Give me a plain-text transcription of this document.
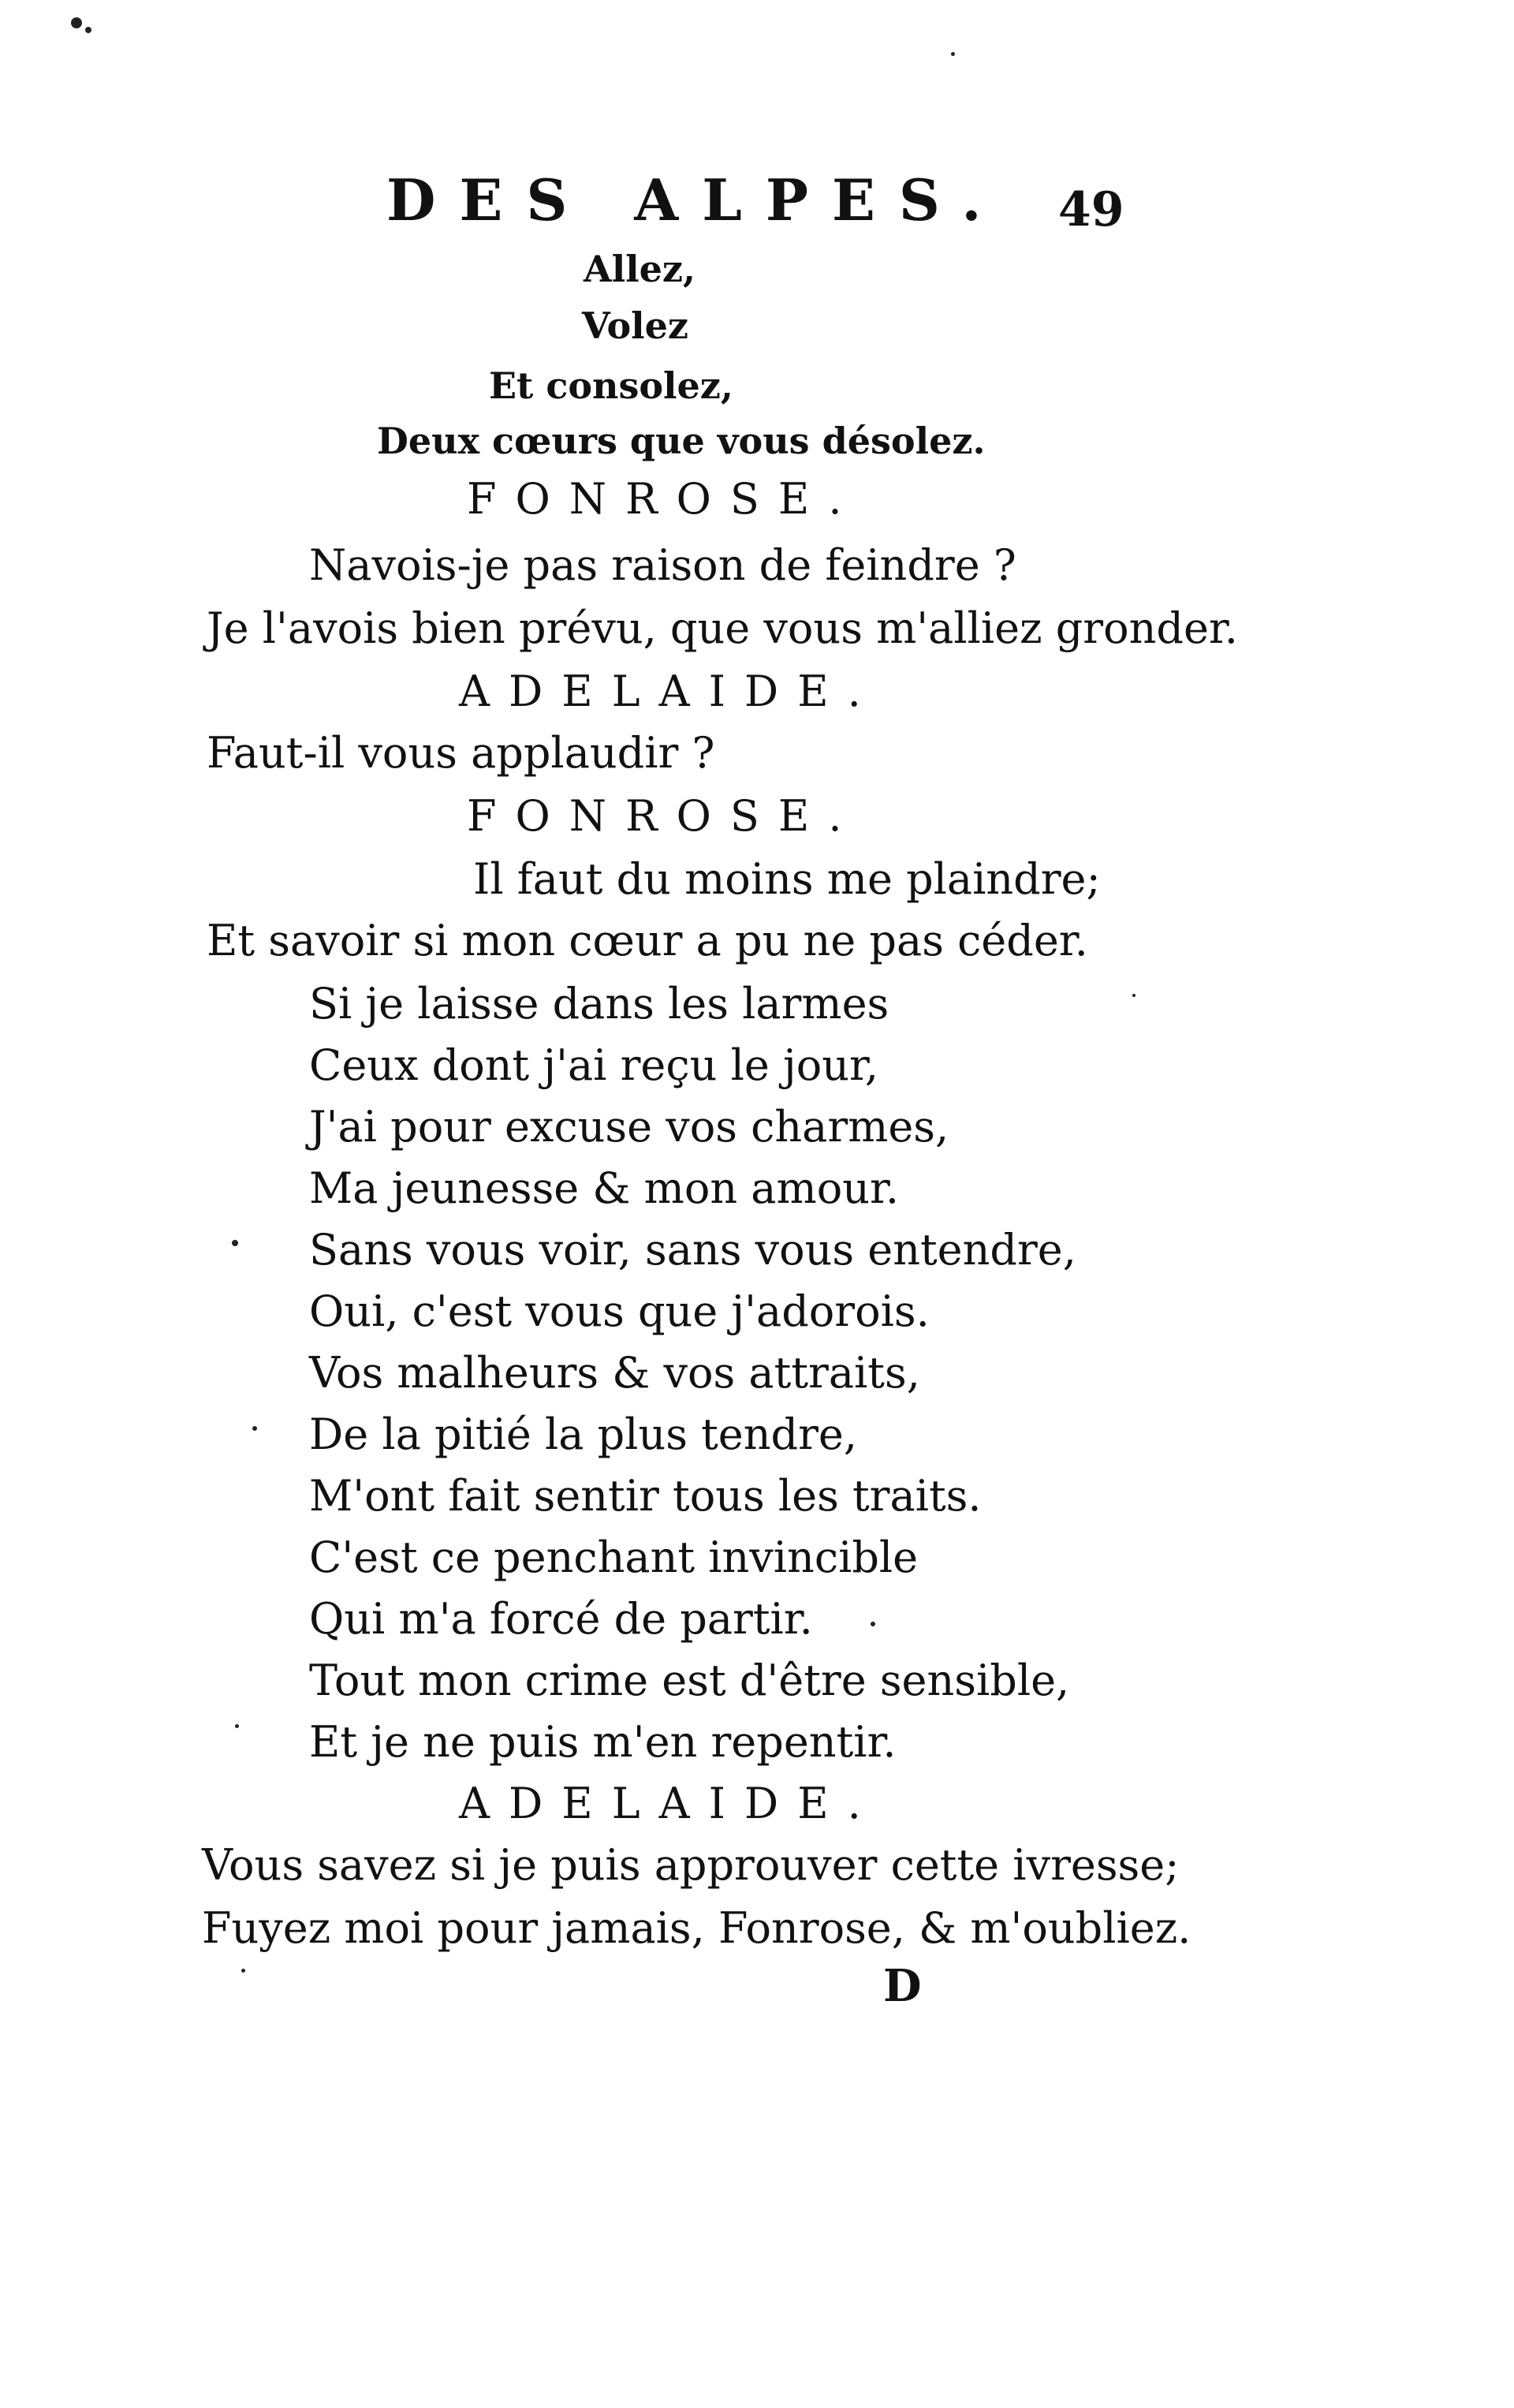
DES ALPES. 49
Allez,
Volez
Et consolez,
Deux cœurs que vous désolez.
FONROSE.
Navois-je pas raison de feindre ?
Je l'avois bien prévu, que vous m'alliez gronder.
ADELAIDE.
Faut-il vous applaudir ?
FONROSE.
Il faut du moins me plaindre;
Et savoir si mon cœur a pu ne pas céder.
Si je laisse dans les larmes
Ceux dont j'ai reçu le jour,
J'ai pour excuse vos charmes,
Ma jeunesse & mon amour.
Sans vous voir, sans vous entendre,
Oui, c'est vous que j'adorois.
Vos malheurs & vos attraits,
De la pitié la plus tendre,
M'ont fait sentir tous les traits.
C'est ce penchant invincible
Qui m'a forcé de partir.
Tout mon crime est d'être sensible,
Et je ne puis m'en repentir.
ADELAIDE.
Vous savez si je puis approuver cette ivresse;
Fuyez moi pour jamais, Fonrose, & m'oubliez.
D
